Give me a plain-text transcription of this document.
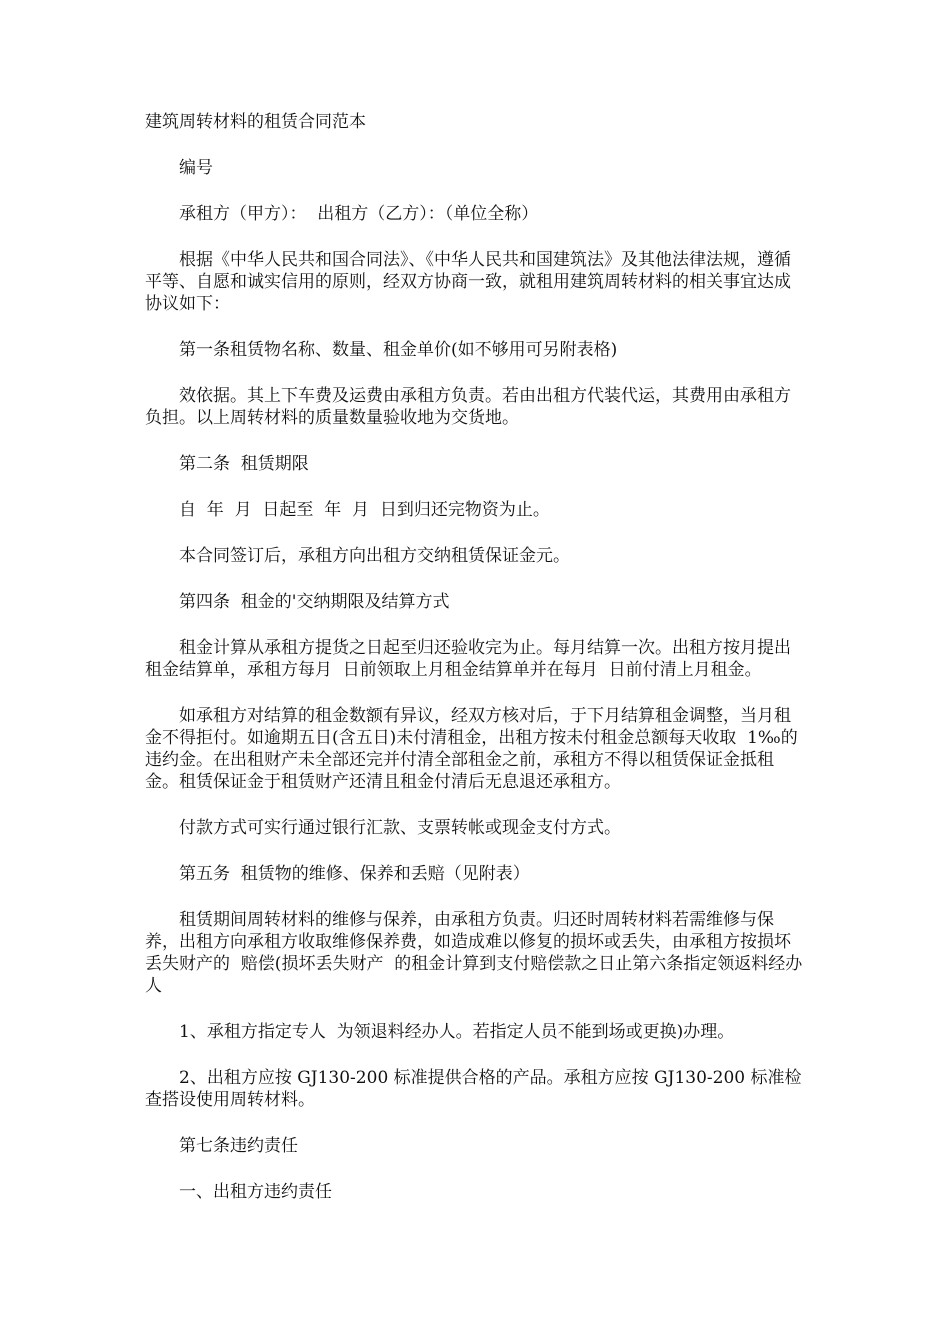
建筑周转材料的租赁合同范本

编号

承租方（甲方）：  出租方（乙方）：（单位全称）

根据《中华人民共和国合同法》、《中华人民共和国建筑法》及其他法律法规，遵循平等、自愿和诚实信用的原则，经双方协商一致，就租用建筑周转材料的相关事宜达成协议如下：

第一条租赁物名称、数量、租金单价(如不够用可另附表格)

效依据。其上下车费及运费由承租方负责。若由出租方代装代运，其费用由承租方负担。以上周转材料的质量数量验收地为交货地。

第二条  租赁期限

自  年  月  日起至  年  月  日到归还完物资为止。

本合同签订后，承租方向出租方交纳租赁保证金元。

第四条  租金的'交纳期限及结算方式

租金计算从承租方提货之日起至归还验收完为止。每月结算一次。出租方按月提出租金结算单，承租方每月  日前领取上月租金结算单并在每月  日前付清上月租金。

如承租方对结算的租金数额有异议，经双方核对后，于下月结算租金调整，当月租金不得拒付。如逾期五日(含五日)未付清租金，出租方按未付租金总额每天收取  1‰的违约金。在出租财产未全部还完并付清全部租金之前，承租方不得以租赁保证金抵租金。租赁保证金于租赁财产还清且租金付清后无息退还承租方。

付款方式可实行通过银行汇款、支票转帐或现金支付方式。

第五务  租赁物的维修、保养和丢赔（见附表）

租赁期间周转材料的维修与保养，由承租方负责。归还时周转材料若需维修与保养，出租方向承租方收取维修保养费，如造成难以修复的损坏或丢失，由承租方按损坏丢失财产的  赔偿(损坏丢失财产  的租金计算到支付赔偿款之日止第六条指定领返料经办人

1、承租方指定专人  为领退料经办人。若指定人员不能到场或更换)办理。

2、出租方应按 GJ130-200 标准提供合格的产品。承租方应按 GJ130-200 标准检查搭设使用周转材料。

第七条违约责任

一、出租方违约责任
